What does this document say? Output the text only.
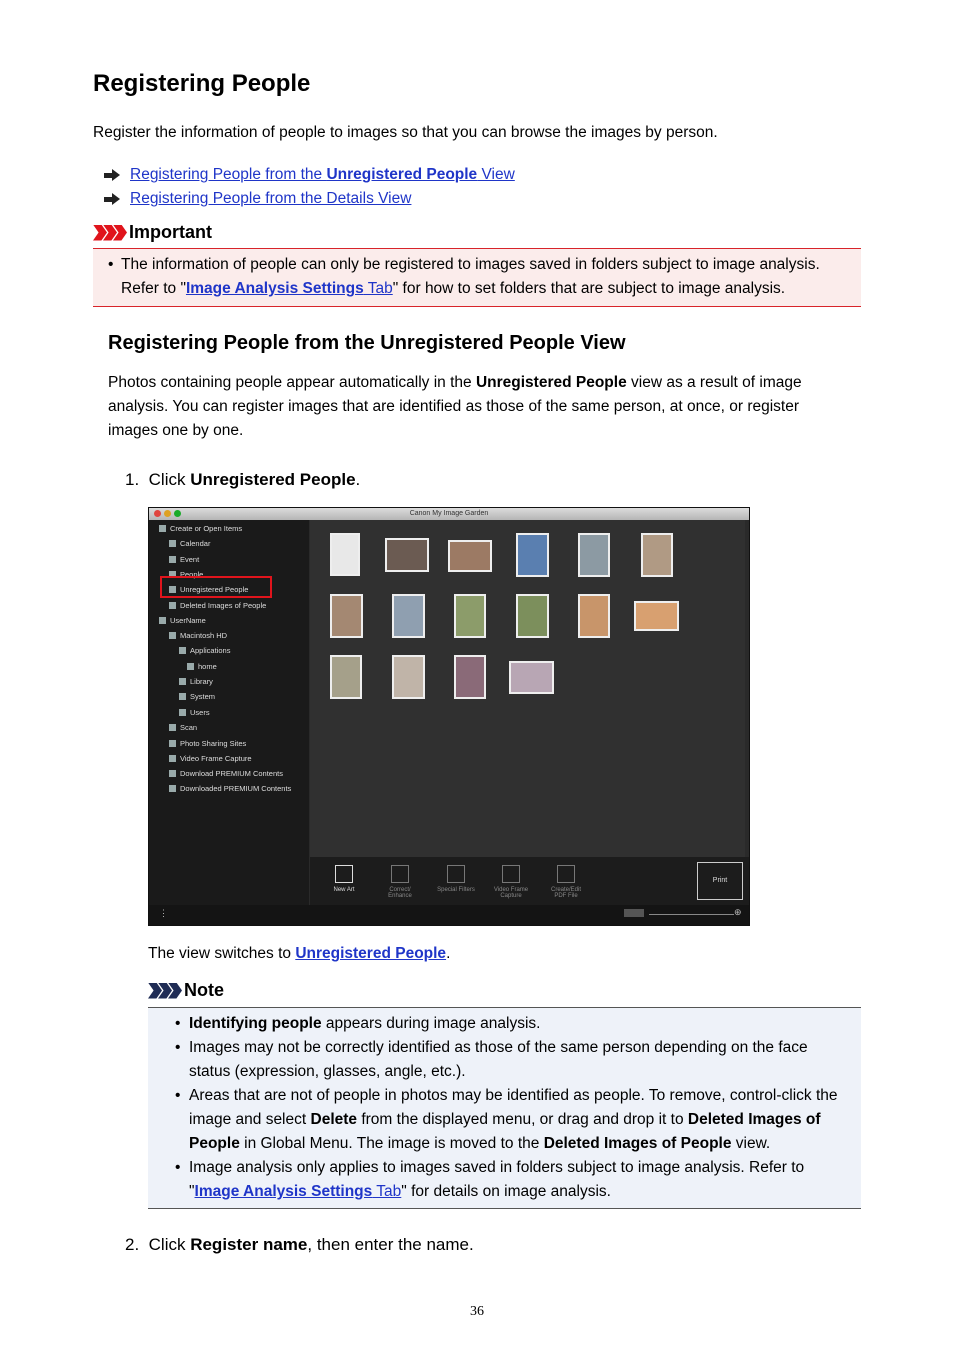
Registering People

Register the information of people to images so that you can browse the images by person.

Registering People from the Unregistered People View
Registering People from the Details View
Important
• The information of people can only be registered to images saved in folders subject to image analysis.
Refer to "Image Analysis Settings Tab" for how to set folders that are subject to image analysis.
Registering People from the Unregistered People View
Photos containing people appear automatically in the Unregistered People view as a result of image
analysis. You can register images that are identified as those of the same person, at once, or register
images one by one.
1. Click Unregistered People.
Canon My Image Garden
Create or Open Items
Calendar
Event
People
Unregistered People
Deleted Images of People
UserName
Macintosh HD
Applications
home
Library
System
Users
Scan
Photo Sharing Sites
Video Frame Capture
Download PREMIUM Contents
Downloaded PREMIUM Contents
New Art	Correct/ Enhance
Special Filters	Video Frame Capture
Create/Edit PDF File
Print
⋮	⊕
The view switches to Unregistered People.
Note
• Identifying people appears during image analysis.
• Images may not be correctly identified as those of the same person depending on the face
status (expression, glasses, angle, etc.).
• Areas that are not of people in photos may be identified as people. To remove, control-click the
image and select Delete from the displayed menu, or drag and drop it to Deleted Images of
People in Global Menu. The image is moved to the Deleted Images of People view.
• Image analysis only applies to images saved in folders subject to image analysis. Refer to
"Image Analysis Settings Tab" for details on image analysis.
2. Click Register name, then enter the name.
36
